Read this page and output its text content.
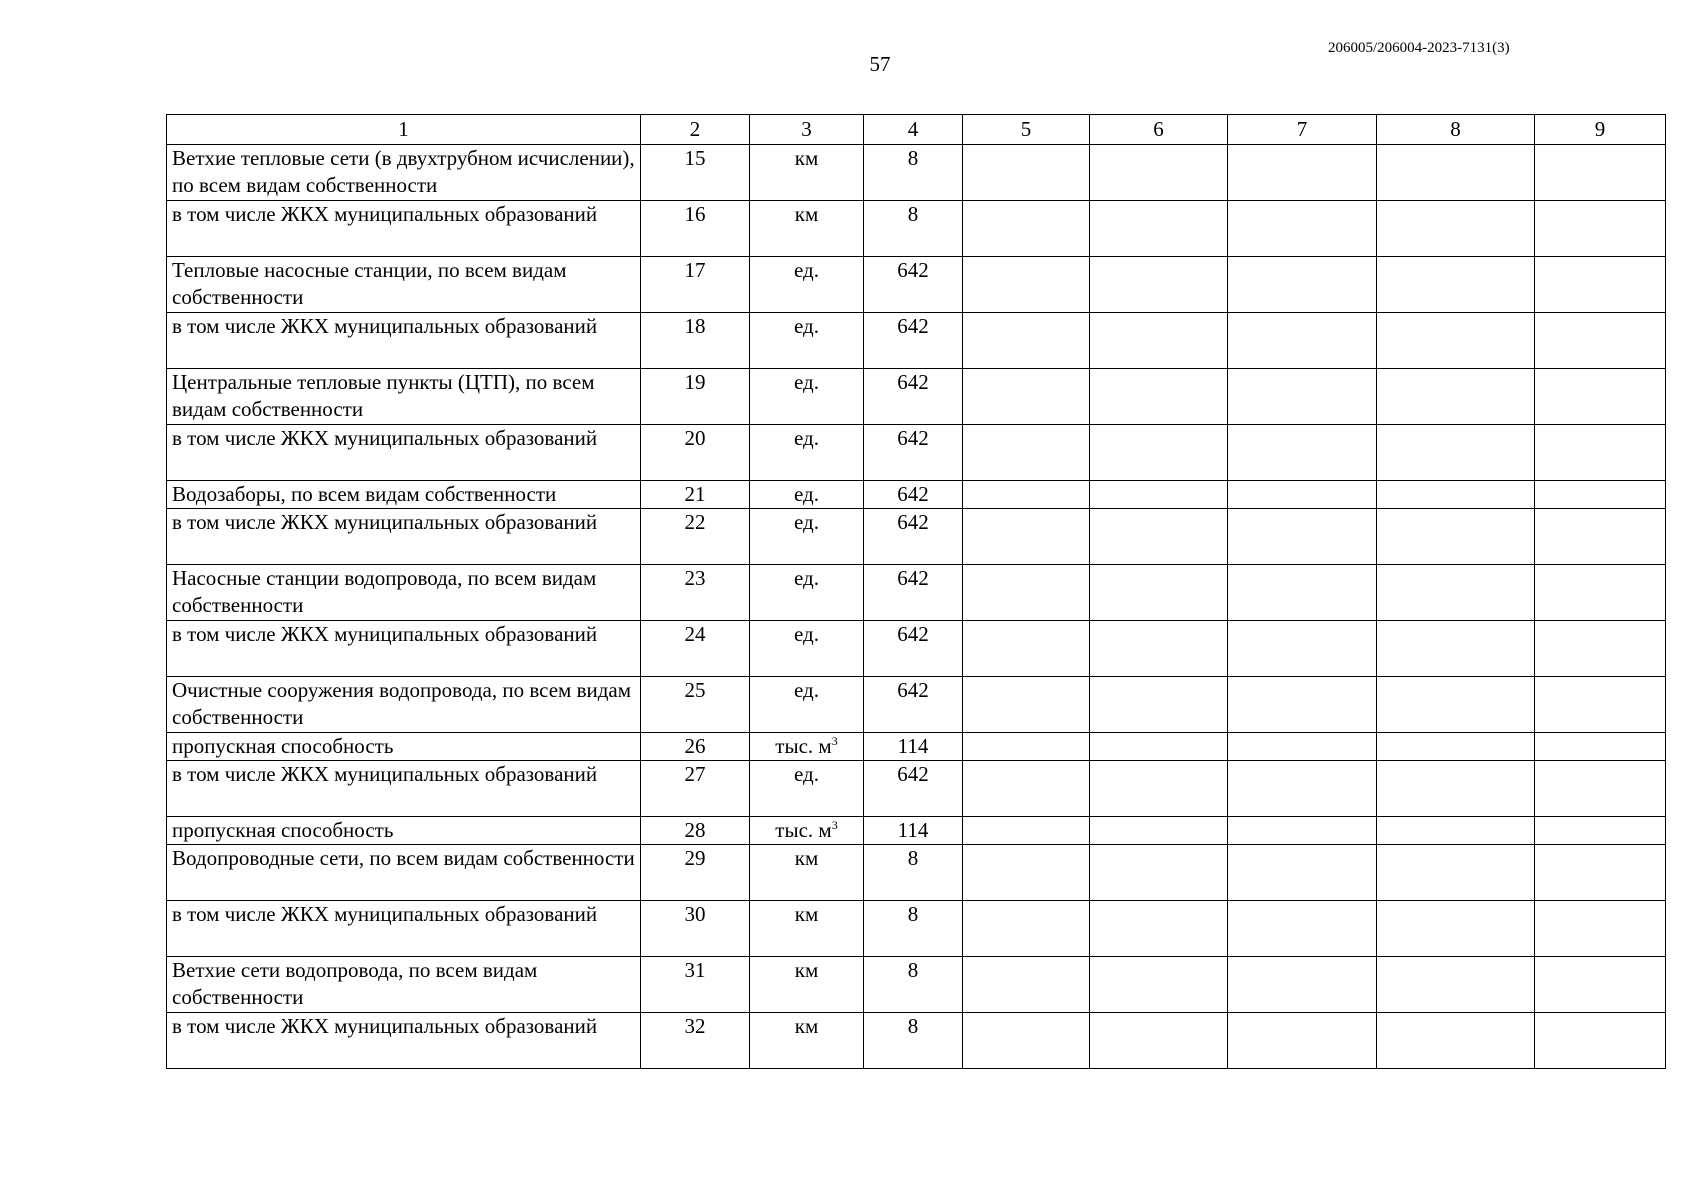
206005/206004-2023-7131(3)
57
1	2	3	4	5	6	7	8	9
Ветхие тепловые сети (в двухтрубном исчислении), по всем видам собственности	15	км	8					
в том числе ЖКХ муниципальных образований	16	км	8					
Тепловые насосные станции, по всем видам собственности	17	ед.	642					
в том числе ЖКХ муниципальных образований	18	ед.	642					
Центральные тепловые пункты (ЦТП), по всем видам собственности	19	ед.	642					
в том числе ЖКХ муниципальных образований	20	ед.	642					
Водозаборы, по всем видам собственности	21	ед.	642					
в том числе ЖКХ муниципальных образований	22	ед.	642					
Насосные станции водопровода, по всем видам собственности	23	ед.	642					
в том числе ЖКХ муниципальных образований	24	ед.	642					
Очистные сооружения водопровода, по всем видам собственности	25	ед.	642					
пропускная способность	26	тыс. $м^3$	114					
в том числе ЖКХ муниципальных образований	27	ед.	642					
пропускная способность	28	тыс. $м^3$	114					
Водопроводные сети, по всем видам собственности	29	км	8					
в том числе ЖКХ муниципальных образований	30	км	8					
Ветхие сети водопровода, по всем видам собственности	31	км	8					
в том числе ЖКХ муниципальных образований	32	км	8					
